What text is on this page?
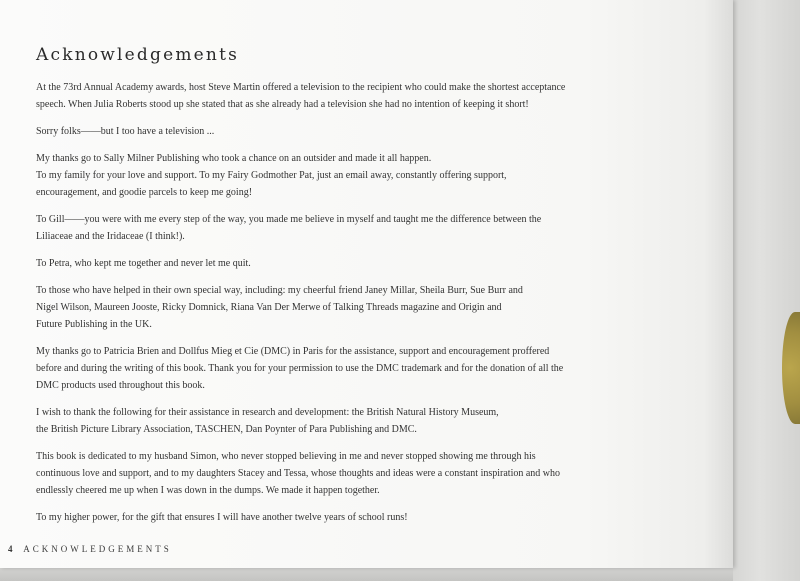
Acknowledgements

At the 73rd Annual Academy awards, host Steve Martin offered a television to the recipient who could make the shortest acceptance
speech. When Julia Roberts stood up she stated that as she already had a television she had no intention of keeping it short!

Sorry folks——but I too have a television ...

My thanks go to Sally Milner Publishing who took a chance on an outsider and made it all happen.
To my family for your love and support. To my Fairy Godmother Pat, just an email away, constantly offering support,
encouragement, and goodie parcels to keep me going!

To Gill——you were with me every step of the way, you made me believe in myself and taught me the difference between the
Liliaceae and the Iridaceae (I think!).

To Petra, who kept me together and never let me quit.

To those who have helped in their own special way, including: my cheerful friend Janey Millar, Sheila Burr, Sue Burr and
Nigel Wilson, Maureen Jooste, Ricky Domnick, Riana Van Der Merwe of Talking Threads magazine and Origin and
Future Publishing in the UK.

My thanks go to Patricia Brien and Dollfus Mieg et Cie (DMC) in Paris for the assistance, support and encouragement proffered
before and during the writing of this book. Thank you for your permission to use the DMC trademark and for the donation of all the
DMC products used throughout this book.

I wish to thank the following for their assistance in research and development: the British Natural History Museum,
the British Picture Library Association, TASCHEN, Dan Poynter of Para Publishing and DMC.

This book is dedicated to my husband Simon, who never stopped believing in me and never stopped showing me through his
continuous love and support, and to my daughters Stacey and Tessa, whose thoughts and ideas were a constant inspiration and who
endlessly cheered me up when I was down in the dumps. We made it happen together.

To my higher power, for the gift that ensures I will have another twelve years of school runs!

4 ACKNOWLEDGEMENTS
